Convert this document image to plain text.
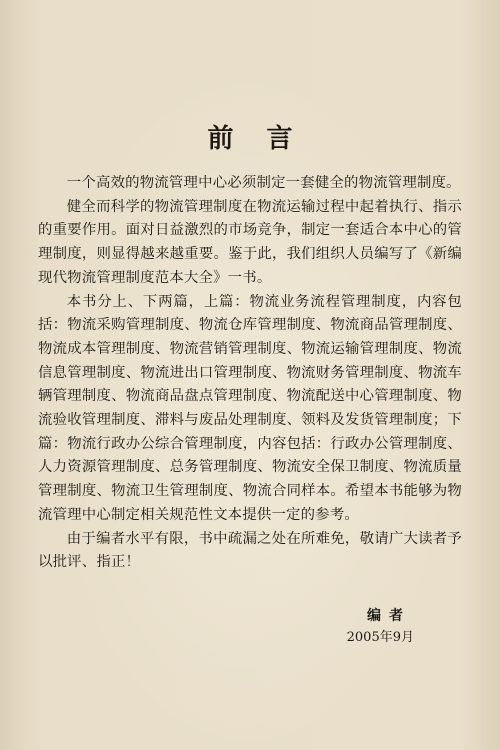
前 言

一个高效的物流管理中心必须制定一套健全的物流管理制度。

健全而科学的物流管理制度在物流运输过程中起着执行、指示的重要作用。面对日益激烈的市场竞争，制定一套适合本中心的管理制度，则显得越来越重要。鉴于此，我们组织人员编写了《新编现代物流管理制度范本大全》一书。

本书分上、下两篇，上篇：物流业务流程管理制度，内容包括：物流采购管理制度、物流仓库管理制度、物流商品管理制度、物流成本管理制度、物流营销管理制度、物流运输管理制度、物流信息管理制度、物流进出口管理制度、物流财务管理制度、物流车辆管理制度、物流商品盘点管理制度、物流配送中心管理制度、物流验收管理制度、滞料与废品处理制度、领料及发货管理制度；下篇：物流行政办公综合管理制度，内容包括：行政办公管理制度、人力资源管理制度、总务管理制度、物流安全保卫制度、物流质量管理制度、物流卫生管理制度、物流合同样本。希望本书能够为物流管理中心制定相关规范性文本提供一定的参考。

由于编者水平有限，书中疏漏之处在所难免，敬请广大读者予以批评、指正！

编者
2005年9月
